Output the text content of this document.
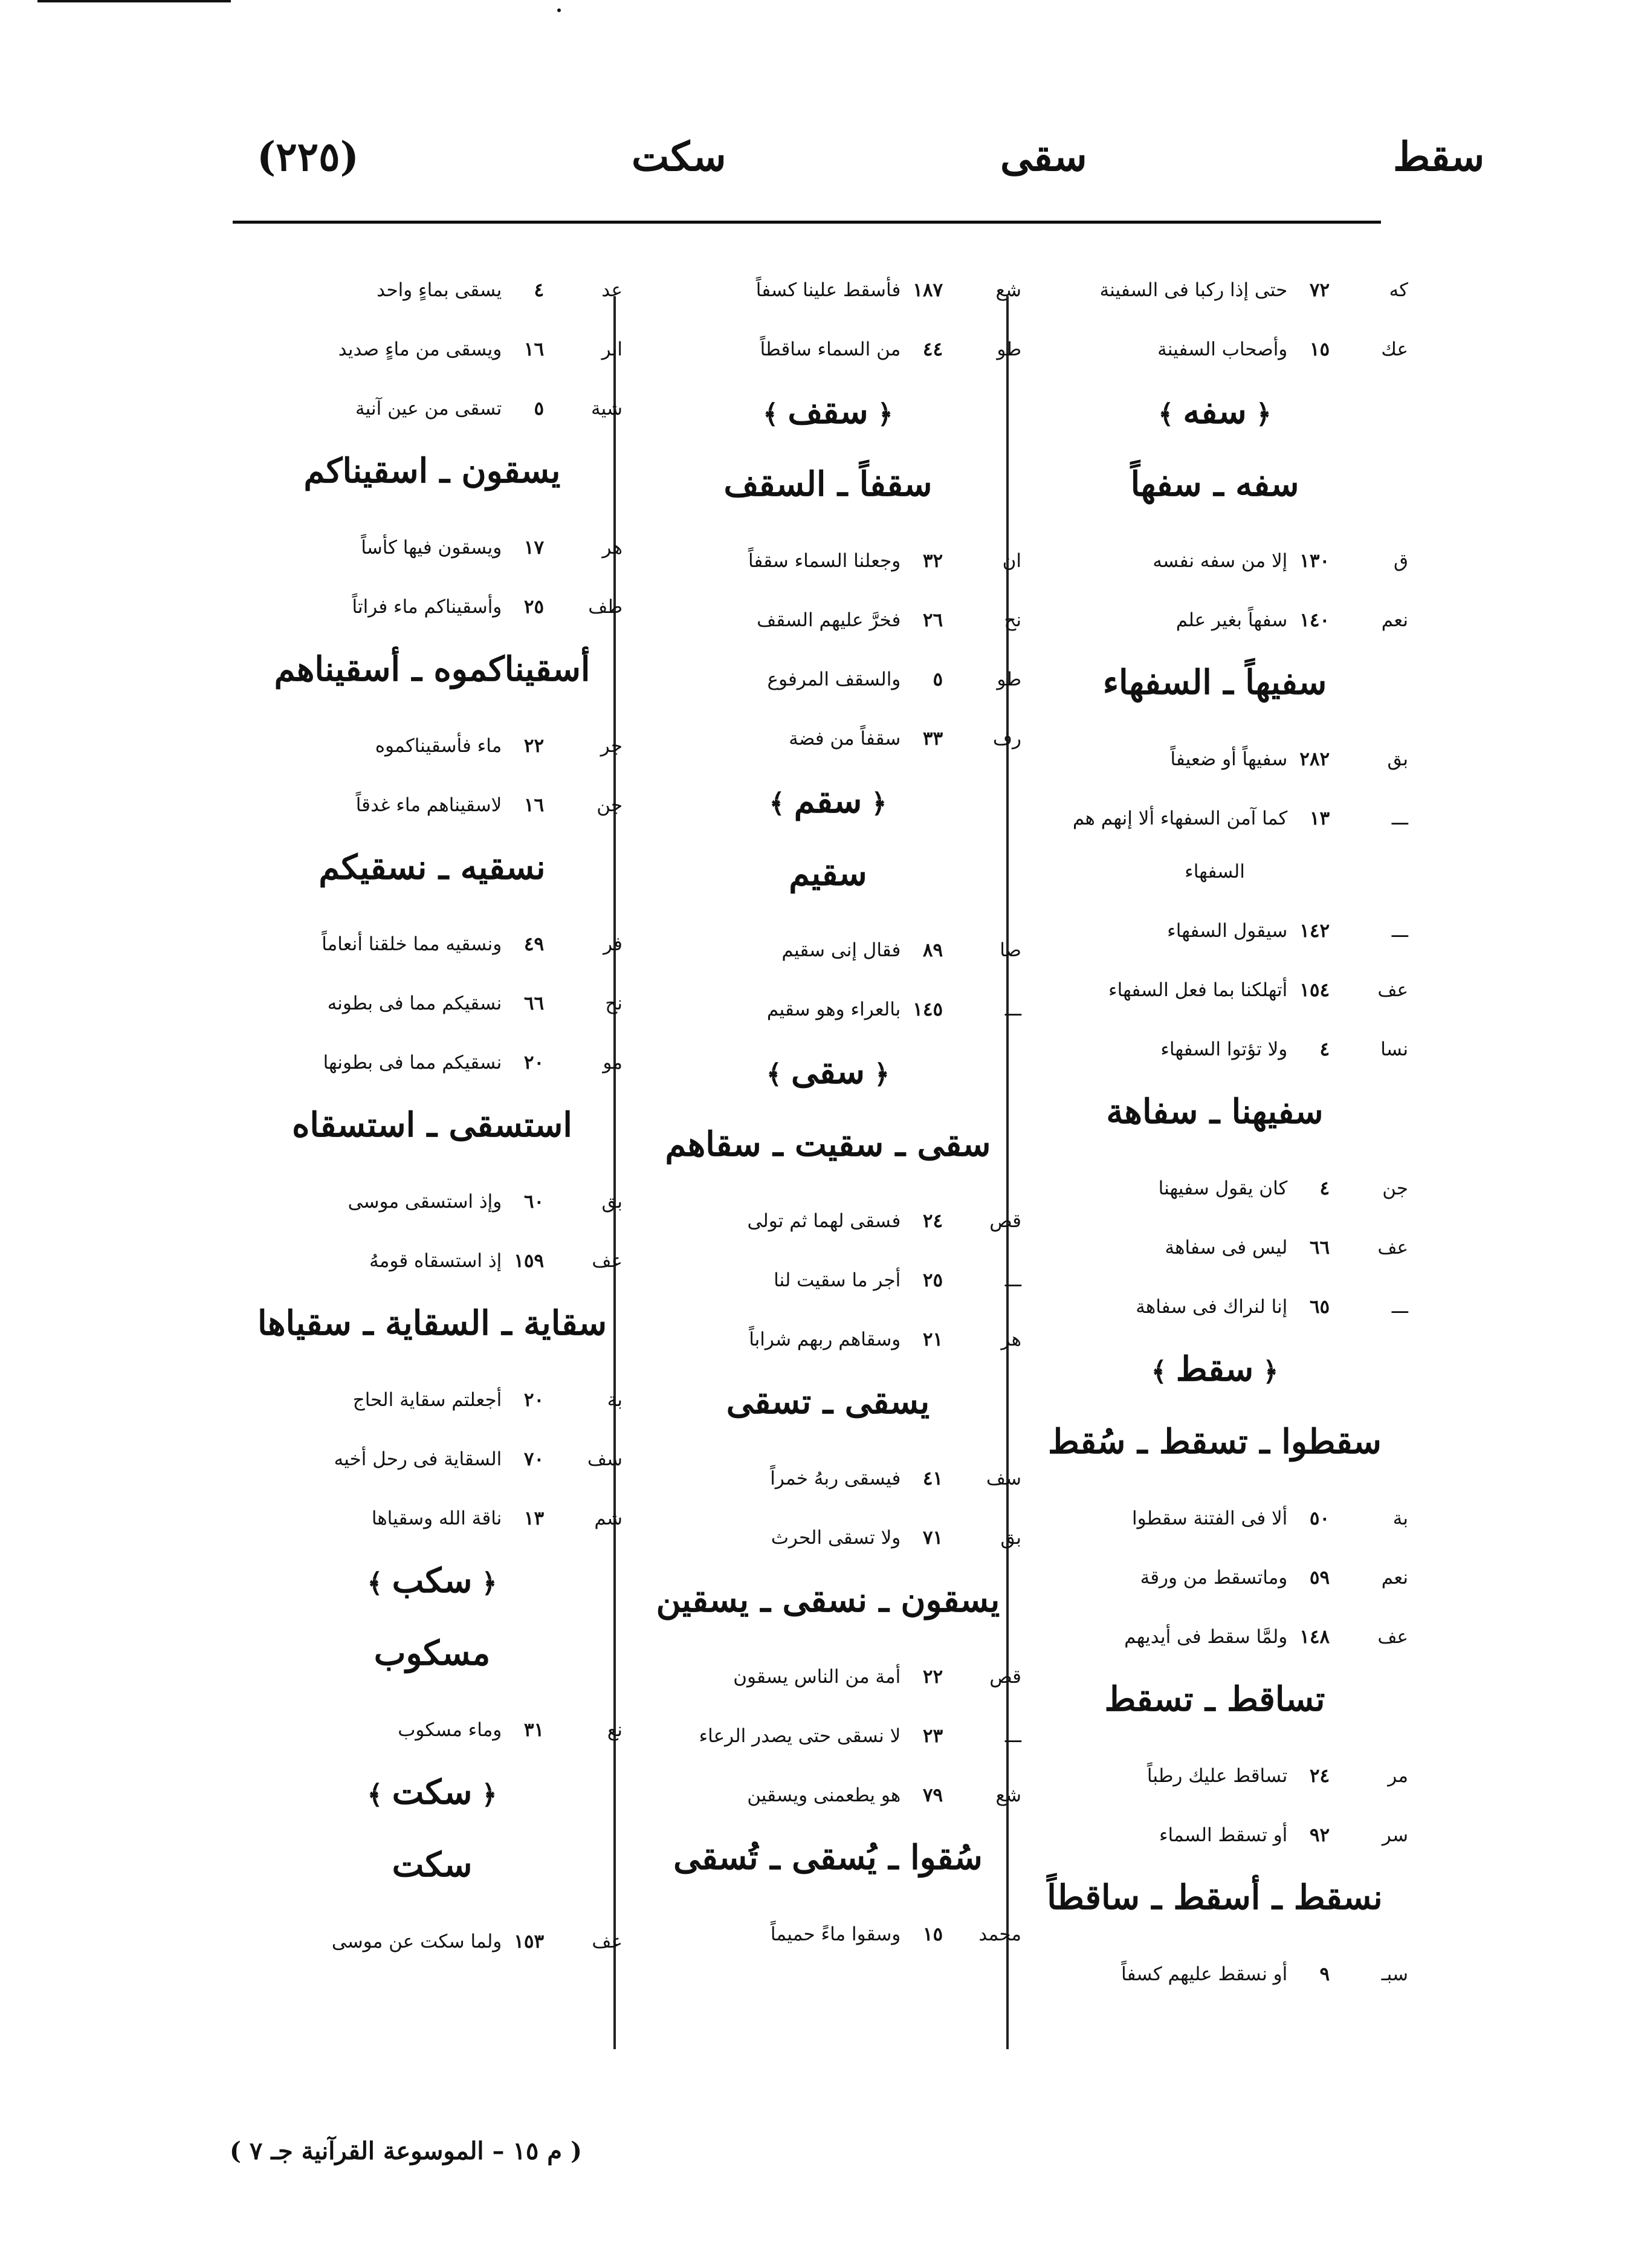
سقط
سقى
سكت
(٢٢٥)
كه ٧٢ حتى إذا ركبا فى السفينة
عك ١٥ وأصحاب السفينة
﴿ سفه ﴾
سفه ـ سفهاً
ق ١٣٠ إلا من سفه نفسه
نعم ١٤٠ سفهاً بغير علم
سفيهاً ـ السفهاء
بق ٢٨٢ سفيهاً أو ضعيفاً
ـــ ١٣ كما آمن السفهاء ألا إنهم هم
السفهاء
ـــ ١٤٢ سيقول السفهاء
عف ١٥٤ أتهلكنا بما فعل السفهاء
نسا ٤ ولا تؤتوا السفهاء
سفيهنا ـ سفاهة
جن ٤ كان يقول سفيهنا
عف ٦٦ ليس فى سفاهة
ـــ ٦٥ إنا لنراك فى سفاهة
﴿ سقط ﴾
سقطوا ـ تسقط ـ سُقط
بة ٥٠ ألا فى الفتنة سقطوا
نعم ٥٩ وماتسقط من ورقة
عف ١٤٨ ولمَّا سقط فى أيديهم
تساقط ـ تسقط
مر ٢٤ تساقط عليك رطباً
سر ٩٢ أو تسقط السماء
نسقط ـ أسقط ـ ساقطاً
سبـ ٩ أو نسقط عليهم كسفاً
شع ١٨٧ فأسقط علينا كسفاً
طو ٤٤ من السماء ساقطاً
﴿ سقف ﴾
سقفاً ـ السقف
ان ٣٢ وجعلنا السماء سقفاً
نح ٢٦ فخرَّ عليهم السقف
طو ٥ والسقف المرفوع
رف ٣٣ سقفاً من فضة
﴿ سقم ﴾
سقيم
صا ٨٩ فقال إنى سقيم
ـــ ١٤٥ بالعراء وهو سقيم
﴿ سقى ﴾
سقى ـ سقيت ـ سقاهم
قص ٢٤ فسقى لهما ثم تولى
ـــ ٢٥ أجر ما سقيت لنا
هر ٢١ وسقاهم ربهم شراباً
يسقى ـ تسقى
سف ٤١ فيسقى ربهُ خمراً
بق ٧١ ولا تسقى الحرث
يسقون ـ نسقى ـ يسقين
قص ٢٢ أمة من الناس يسقون
ـــ ٢٣ لا نسقى حتى يصدر الرعاء
شع ٧٩ هو يطعمنى ويسقين
سُقوا ـ يُسقى ـ تُسقى
محمد ١٥ وسقوا ماءً حميماً
عد ٤ يسقى بماءٍ واحد
ابر ١٦ ويسقى من ماءٍ صديد
شية ٥ تسقى من عين آنية
يسقون ـ اسقيناكم
هر ١٧ ويسقون فيها كأساً
طف ٢٥ وأسقيناكم ماء فراتاً
أسقيناكموه ـ أسقيناهم
جر ٢٢ ماء فأسقيناكموه
جن ١٦ لاسقيناهم ماء غدقاً
نسقيه ـ نسقيكم
فر ٤٩ ونسقيه مما خلقنا أنعاماً
نح ٦٦ نسقيكم مما فى بطونه
مو ٢٠ نسقيكم مما فى بطونها
استسقى ـ استسقاه
بق ٦٠ وإذ استسقى موسى
عف ١٥٩ إذ استسقاه قومهُ
سقاية ـ السقاية ـ سقياها
بة ٢٠ أجعلتم سقاية الحاج
سف ٧٠ السقاية فى رحل أخيه
شم ١٣ ناقة الله وسقياها
﴿ سكب ﴾
مسكوب
نع ٣١ وماء مسكوب
﴿ سكت ﴾
سكت
عف ١٥٣ ولما سكت عن موسى
( م ١٥ – الموسوعة القرآنية جـ ٧ )
